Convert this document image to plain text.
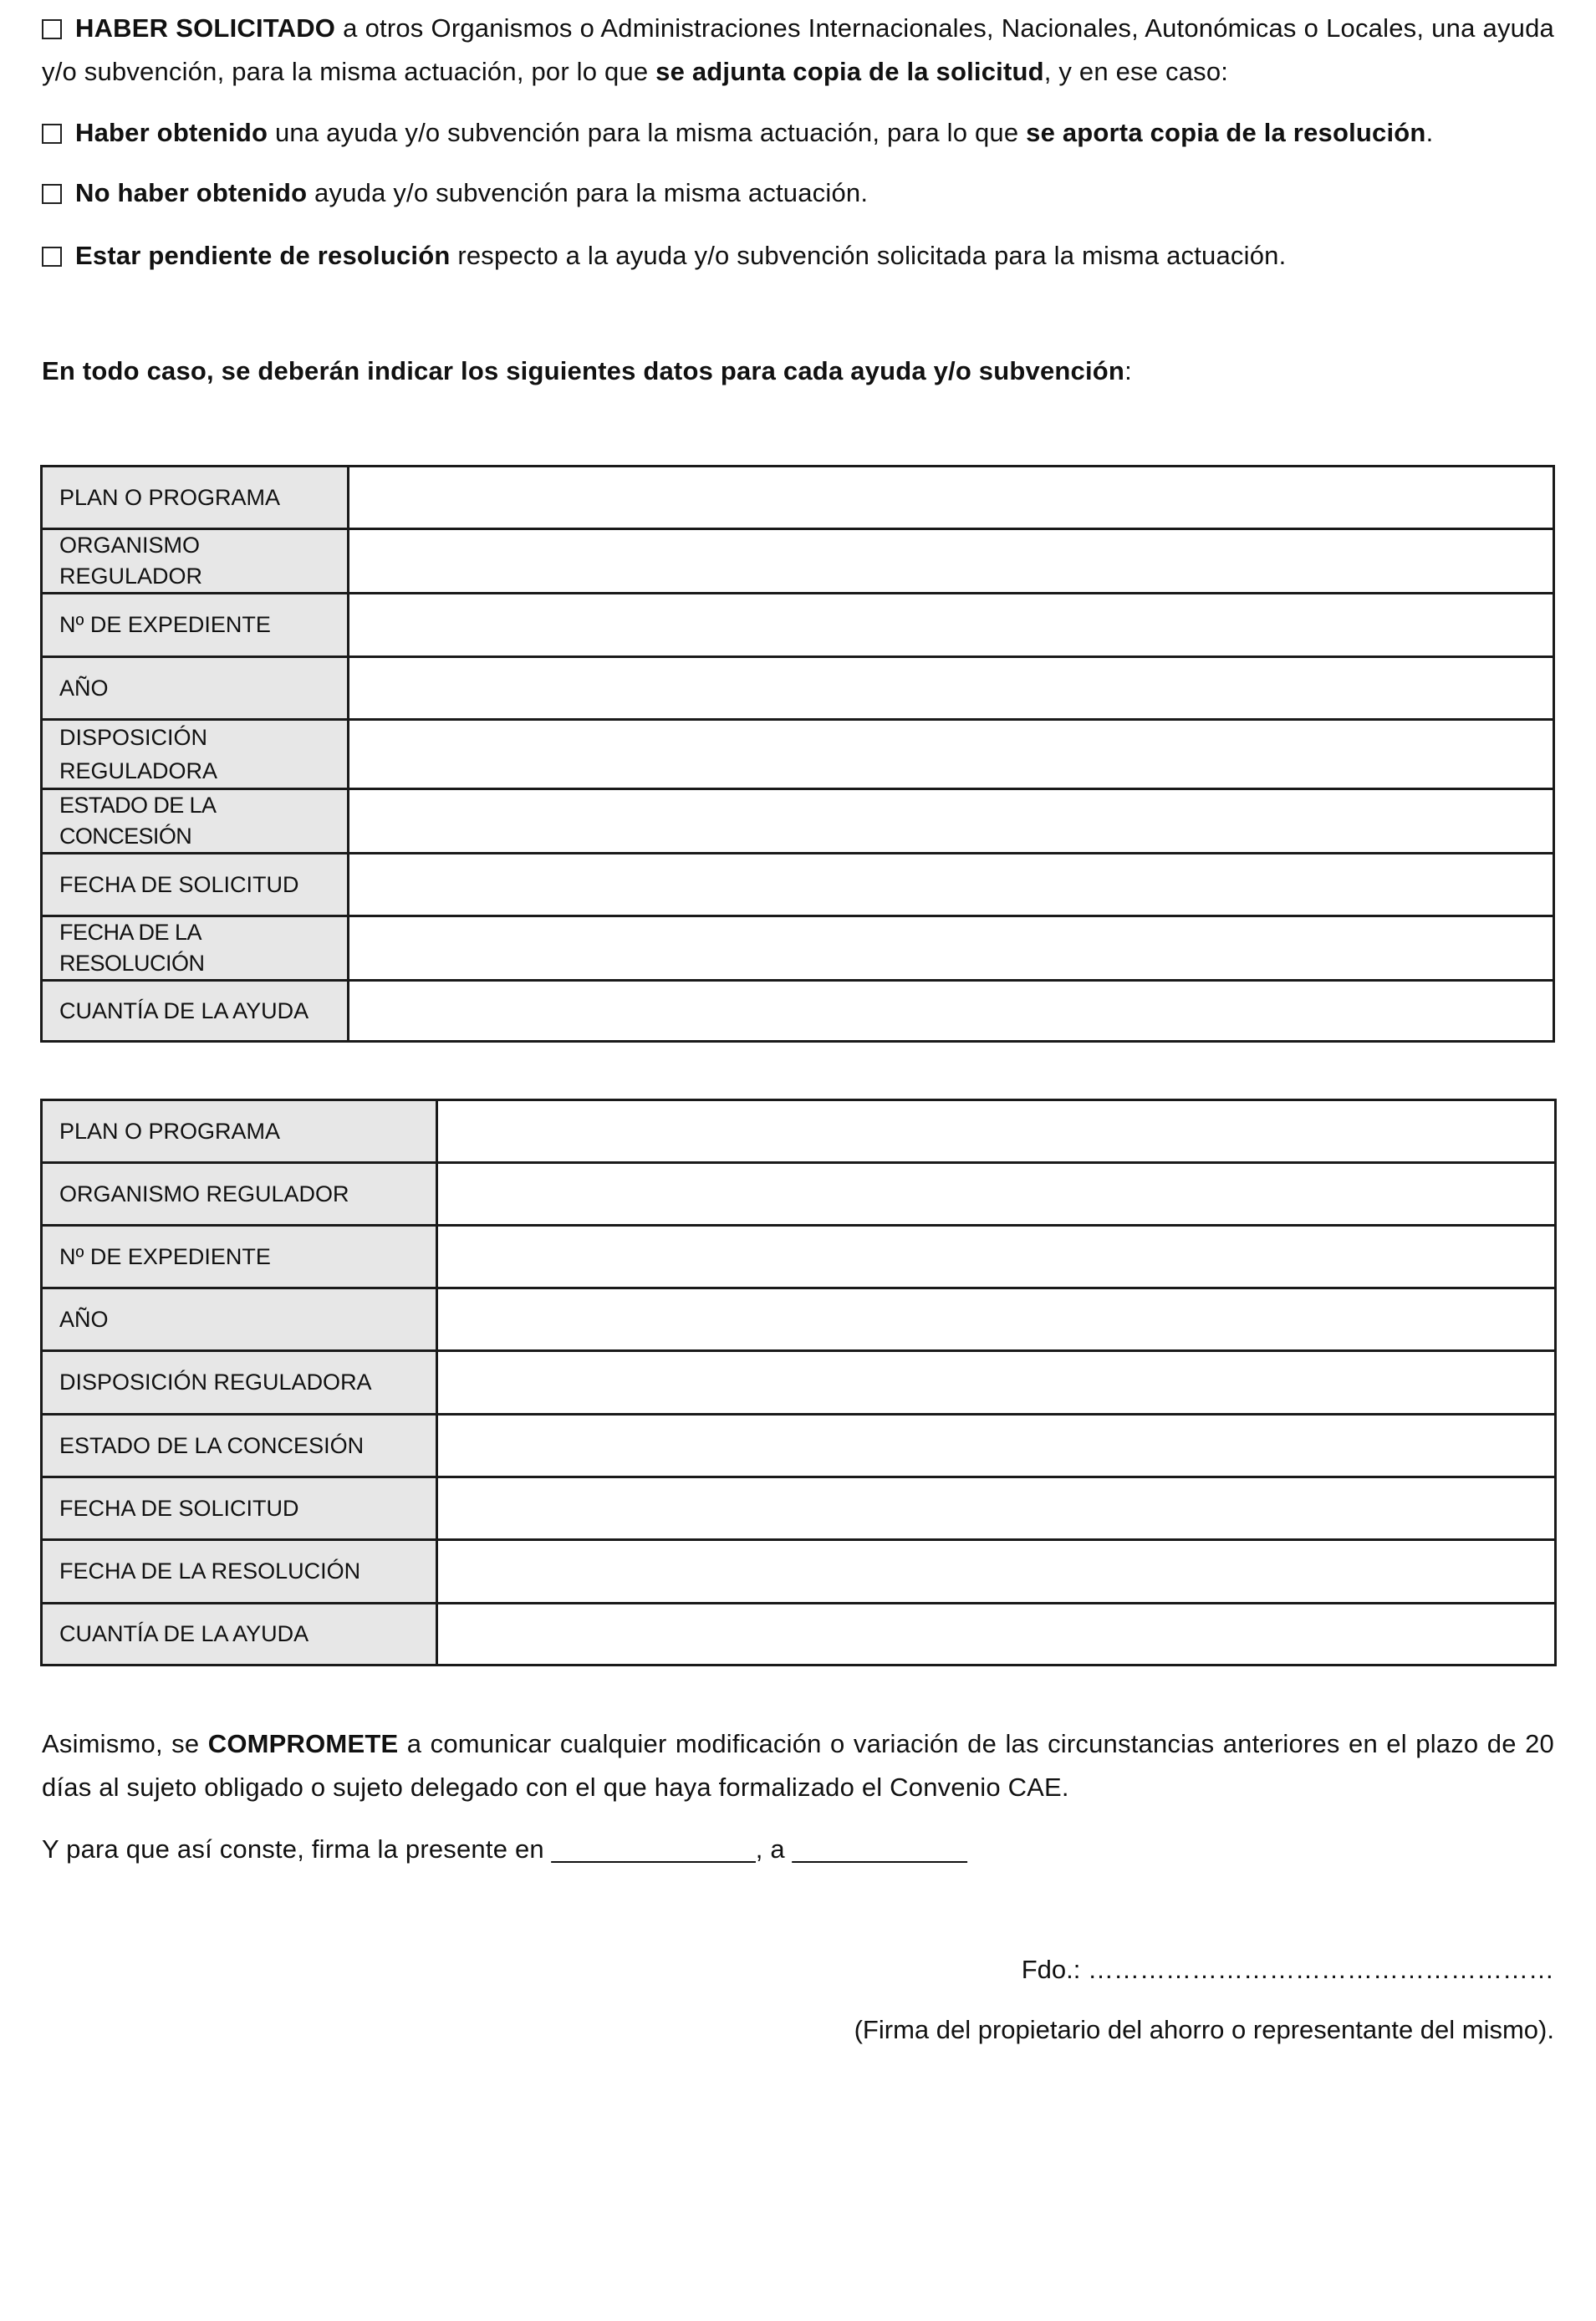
HABER SOLICITADO a otros Organismos o Administraciones Internacionales, Nacionales, Autonómicas o Locales, una ayuda y/o subvención, para la misma actuación, por lo que se adjunta copia de la solicitud, y en ese caso:
Haber obtenido una ayuda y/o subvención para la misma actuación, para lo que se aporta copia de la resolución.
No haber obtenido ayuda y/o subvención para la misma actuación.
Estar pendiente de resolución respecto a la ayuda y/o subvención solicitada para la misma actuación.
En todo caso, se deberán indicar los siguientes datos para cada ayuda y/o subvención:
PLAN O PROGRAMA	
ORGANISMO REGULADOR	
Nº DE EXPEDIENTE	
AÑO	
DISPOSICIÓN REGULADORA	
ESTADO DE LA CONCESIÓN	
FECHA DE SOLICITUD	
FECHA DE LA RESOLUCIÓN	
CUANTÍA DE LA AYUDA	
PLAN O PROGRAMA	
ORGANISMO REGULADOR	
Nº DE EXPEDIENTE	
AÑO	
DISPOSICIÓN REGULADORA	
ESTADO DE LA CONCESIÓN	
FECHA DE SOLICITUD	
FECHA DE LA RESOLUCIÓN	
CUANTÍA DE LA AYUDA	
Asimismo, se COMPROMETE a comunicar cualquier modificación o variación de las circunstancias anteriores en el plazo de 20 días al sujeto obligado o sujeto delegado con el que haya formalizado el Convenio CAE.
Y para que así conste, firma la presente en ______________, a ____________
Fdo.: ………………………………………………
(Firma del propietario del ahorro o representante del mismo).
